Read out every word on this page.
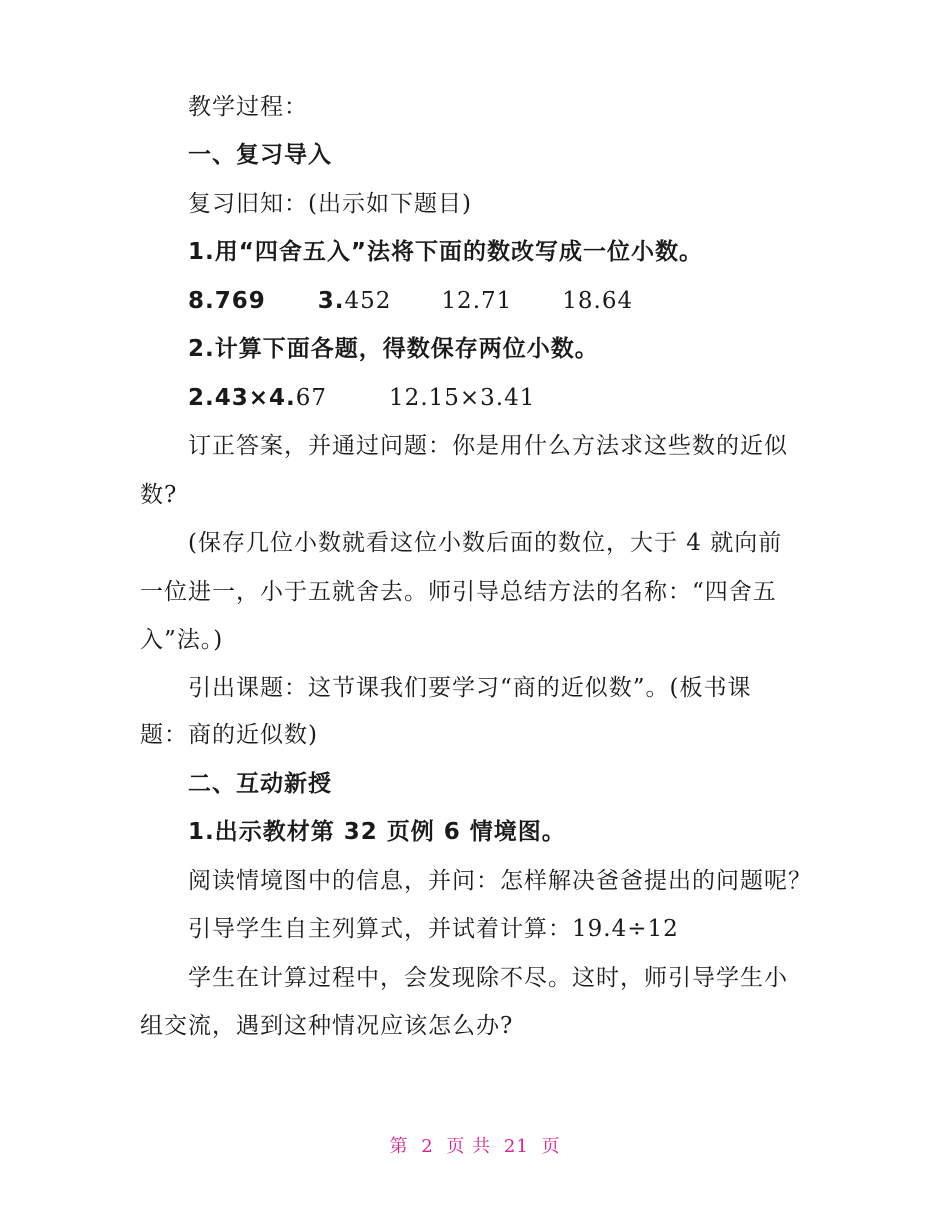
教学过程：
一、复习导入
复习旧知：(出示如下题目)
1.用“四舍五入”法将下面的数改写成一位小数。
8.769 3.452 12.71 18.64
2.计算下面各题，得数保存两位小数。
2.43×4.67	12.15×3.41
订正答案，并通过问题：你是用什么方法求这些数的近似
数?
(保存几位小数就看这位小数后面的数位，大于 4 就向前
一位进一，小于五就舍去。师引导总结方法的名称：“四舍五
入”法。)
引出课题：这节课我们要学习“商的近似数”。(板书课
题：商的近似数)
二、互动新授
1.出示教材第 32 页例 6 情境图。
阅读情境图中的信息，并问：怎样解决爸爸提出的问题呢？
引导学生自主列算式，并试着计算：19.4÷12
学生在计算过程中，会发现除不尽。这时，师引导学生小
组交流，遇到这种情况应该怎么办?
第 2 页 共 21 页
